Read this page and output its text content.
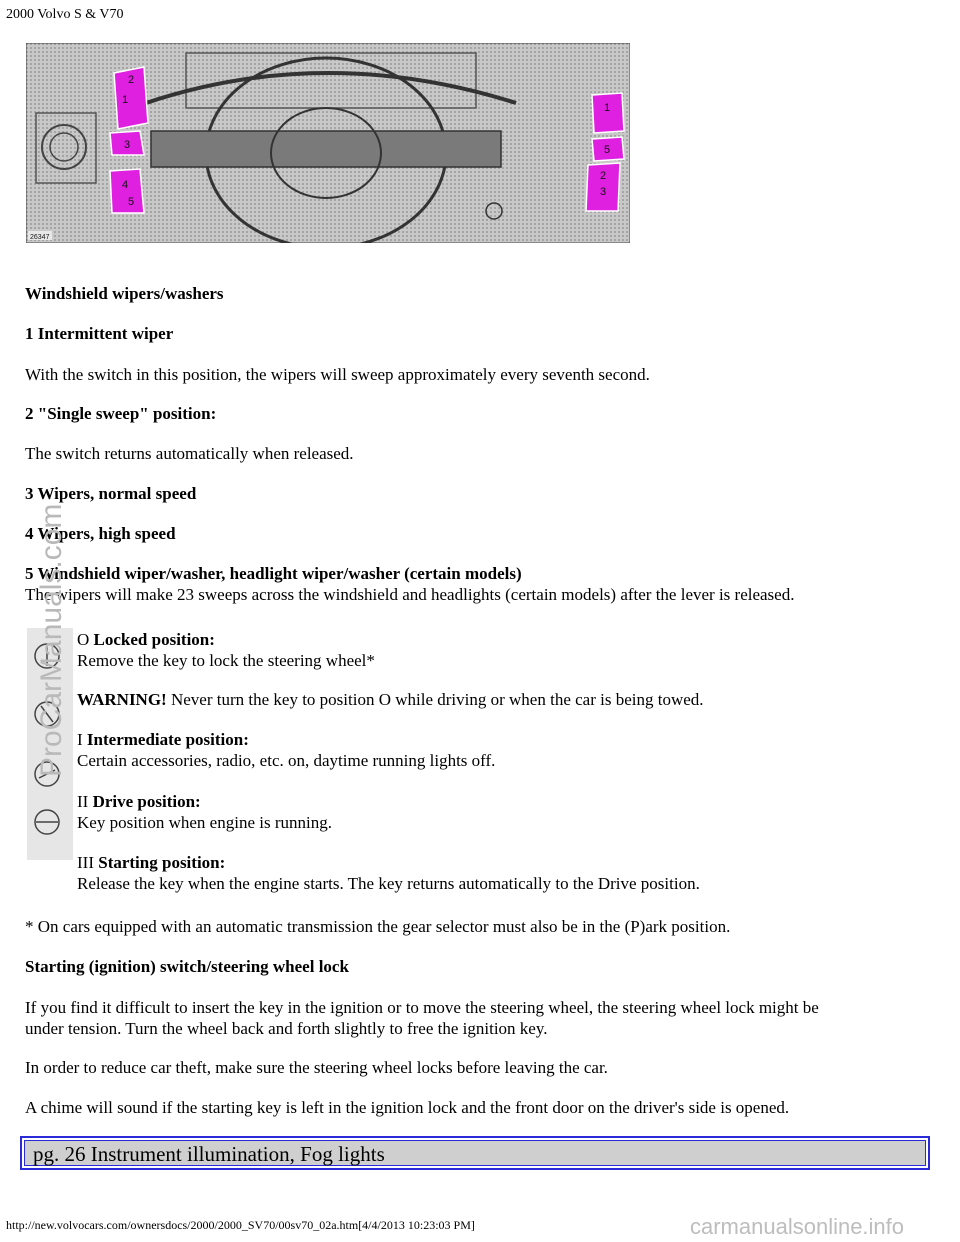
2000 Volvo S & V70
2
1
3
4
5
1
5
2
3
26347
Windshield wipers/washers
1 Intermittent wiper
With the switch in this position, the wipers will sweep approximately every seventh second.
2 "Single sweep" position:
The switch returns automatically when released.
3 Wipers, normal speed
4 Wipers, high speed
5 Windshield wiper/washer, headlight wiper/washer (certain models)
The wipers will make 23 sweeps across the windshield and headlights (certain models) after the lever is released.
O Locked position:
Remove the key to lock the steering wheel*
WARNING! Never turn the key to position O while driving or when the car is being towed.
I Intermediate position:
Certain accessories, radio, etc. on, daytime running lights off.
II Drive position:
Key position when engine is running.
III Starting position:
Release the key when the engine starts. The key returns automatically to the Drive position.
* On cars equipped with an automatic transmission the gear selector must also be in the (P)ark position.
Starting (ignition) switch/steering wheel lock
If you find it difficult to insert the key in the ignition or to move the steering wheel, the steering wheel lock might be
under tension. Turn the wheel back and forth slightly to free the ignition key.
In order to reduce car theft, make sure the steering wheel locks before leaving the car.
A chime will sound if the starting key is left in the ignition lock and the front door on the driver's side is opened.
pg. 26 Instrument illumination, Fog lights
http://new.volvocars.com/ownersdocs/2000/2000_SV70/00sv70_02a.htm[4/4/2013 10:23:03 PM]
ProCarManuals.com
carmanualsonline.info
